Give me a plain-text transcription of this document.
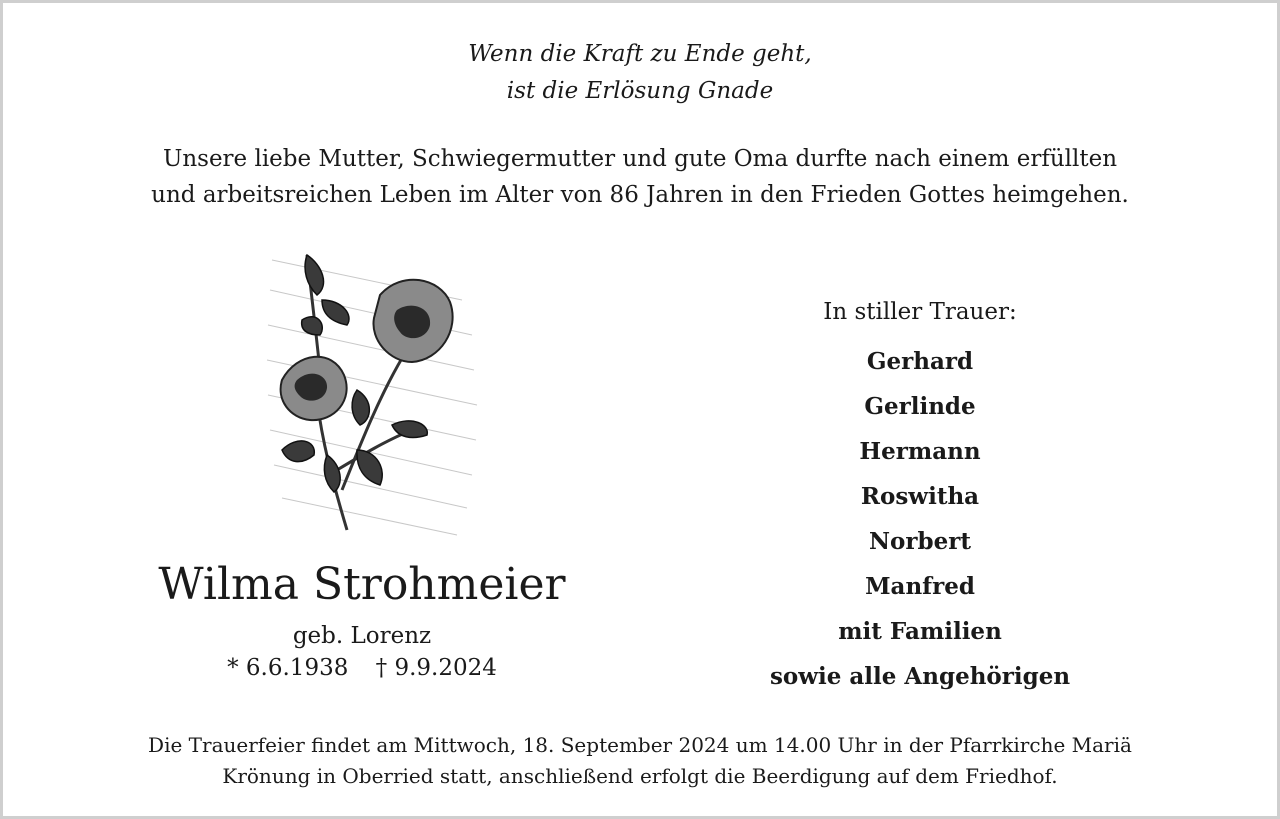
Wenn die Kraft zu Ende geht,
ist die Erlösung Gnade
Unsere liebe Mutter, Schwiegermutter und gute Oma durfte nach einem erfüllten
und arbeitsreichen Leben im Alter von 86 Jahren in den Frieden Gottes heimgehen.
Wilma Strohmeier
geb. Lorenz
* 6.6.1938 † 9.9.2024
In stiller Trauer:
Gerhard
Gerlinde
Hermann
Roswitha
Norbert
Manfred
mit Familien
sowie alle Angehörigen
Die Trauerfeier findet am Mittwoch, 18. September 2024 um 14.00 Uhr in der Pfarrkirche Mariä
Krönung in Oberried statt, anschließend erfolgt die Beerdigung auf dem Friedhof.
